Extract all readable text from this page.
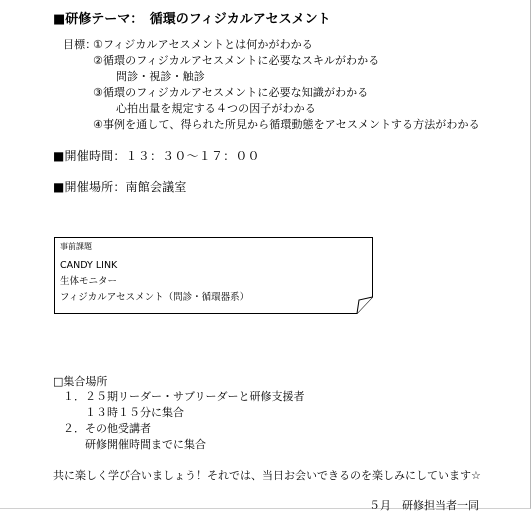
■研修テーマ：　循環のフィジカルアセスメント
目標：
①フィジカルアセスメントとは何かがわかる
②循環のフィジカルアセスメントに必要なスキルがわかる
問診・視診・触診
③循環のフィジカルアセスメントに必要な知識がわかる
心拍出量を規定する４つの因子がわかる
④事例を通して、得られた所見から循環動態をアセスメントする方法がわかる
■開催時間：１３：３０〜１７：００
■開催場所：南館会議室
事前課題
CANDY LINK
生体モニター
フィジカルアセスメント（問診・循環器系）
□集合場所
１．２５期リーダー・サブリーダーと研修支援者
１３時１５分に集合
２．その他受講者
研修開催時間までに集合
共に楽しく学び合いましょう！それでは、当日お会いできるのを楽しみにしています☆
５月　研修担当者一同
